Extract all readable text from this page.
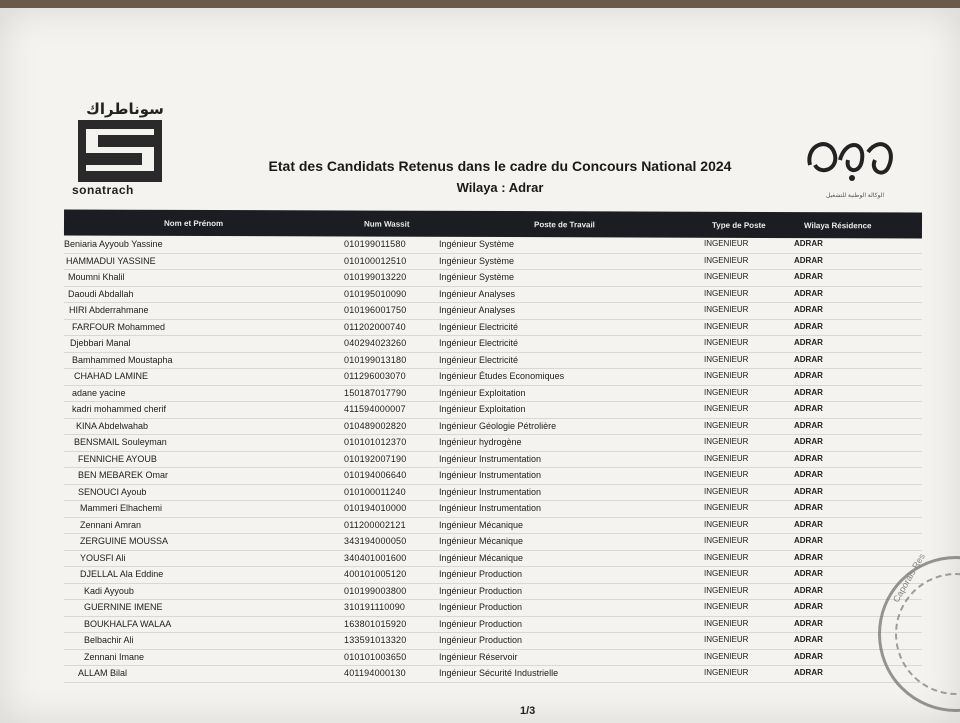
سوناطراك
sonatrach	الوكالة الوطنية للتشغيل
Etat des Candidats Retenus dans le cadre du Concours National 2024
Wilaya : Adrar
Nom et Prénom	Num Wassit	Poste de Travail	Type de Poste	Wilaya Résidence
Beniaria Ayyoub Yassine	010199011580	Ingénieur Système	INGENIEUR	ADRAR
HAMMADUI YASSINE	010100012510	Ingénieur Système	INGENIEUR	ADRAR
Moumni Khalil	010199013220	Ingénieur Système	INGENIEUR	ADRAR
Daoudi Abdallah	010195010090	Ingénieur Analyses	INGENIEUR	ADRAR
HIRI Abderrahmane	010196001750	Ingénieur Analyses	INGENIEUR	ADRAR
FARFOUR Mohammed	011202000740	Ingénieur Electricité	INGENIEUR	ADRAR
Djebbari Manal	040294023260	Ingénieur Electricité	INGENIEUR	ADRAR
Bamhammed Moustapha	010199013180	Ingénieur Electricité	INGENIEUR	ADRAR
CHAHAD LAMINE	011296003070	Ingénieur Études Economiques	INGENIEUR	ADRAR
adane yacine	150187017790	Ingénieur Exploitation	INGENIEUR	ADRAR
kadri mohammed cherif	411594000007	Ingénieur Exploitation	INGENIEUR	ADRAR
KINA Abdelwahab	010489002820	Ingénieur Géologie Pétrolière	INGENIEUR	ADRAR
BENSMAIL Souleyman	010101012370	Ingénieur hydrogène	INGENIEUR	ADRAR
FENNICHE AYOUB	010192007190	Ingénieur Instrumentation	INGENIEUR	ADRAR
BEN MEBAREK Omar	010194006640	Ingénieur Instrumentation	INGENIEUR	ADRAR
SENOUCI Ayoub	010100011240	Ingénieur Instrumentation	INGENIEUR	ADRAR
Mammeri Elhachemi	010194010000	Ingénieur Instrumentation	INGENIEUR	ADRAR
Zennani Amran	011200002121	Ingénieur Mécanique	INGENIEUR	ADRAR
ZERGUINE MOUSSA	343194000050	Ingénieur Mécanique	INGENIEUR	ADRAR
YOUSFI Ali	340401001600	Ingénieur Mécanique	INGENIEUR	ADRAR
DJELLAL Ala Eddine	400101005120	Ingénieur Production	INGENIEUR	ADRAR
Kadi Ayyoub	010199003800	Ingénieur Production	INGENIEUR	ADRAR
GUERNINE IMENE	310191110090	Ingénieur Production	INGENIEUR	ADRAR
BOUKHALFA WALAA	163801015920	Ingénieur Production	INGENIEUR	ADRAR
Belbachir Ali	133591013320	Ingénieur Production	INGENIEUR	ADRAR
Zennani Imane	010101003650	Ingénieur Réservoir	INGENIEUR	ADRAR
ALLAM Bilal	401194000130	Ingénieur Sécurité Industrielle	INGENIEUR	ADRAR
1/3
Caporals Res
